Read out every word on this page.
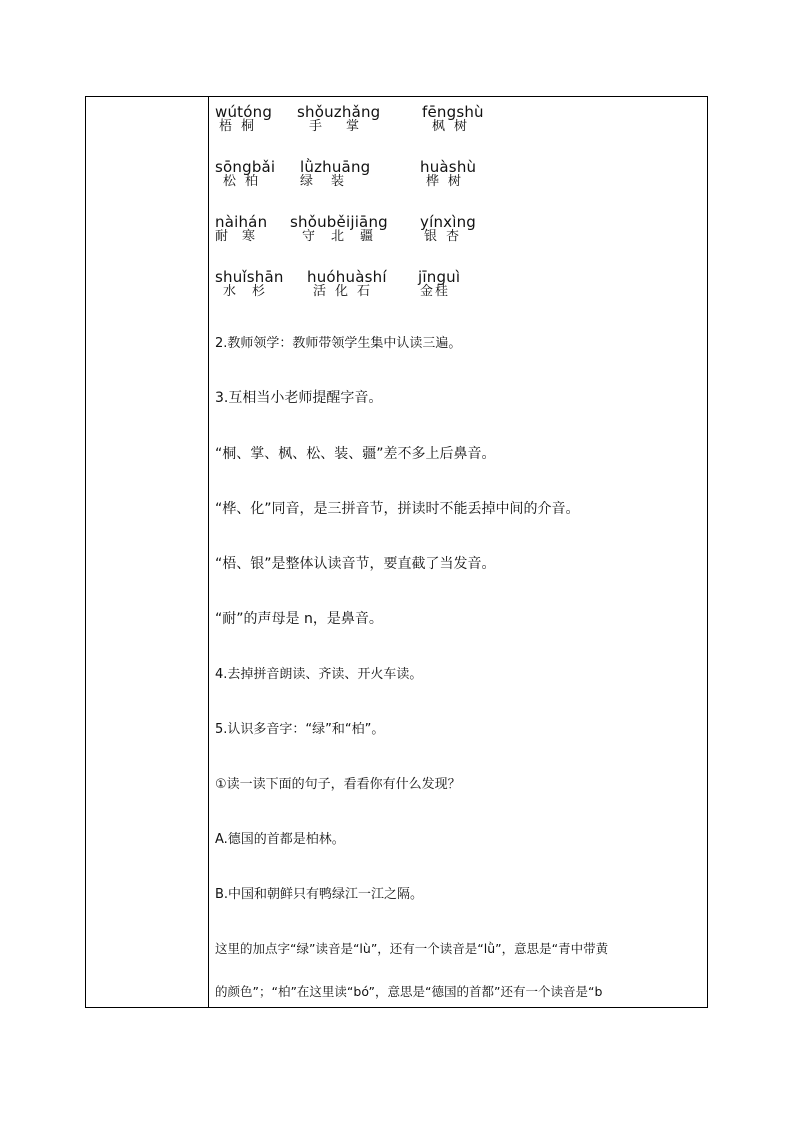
wútóng
梧桐
shǒuzhǎng
手掌
fēngshù
枫树
sōngbǎi
松柏
lǜzhuāng
绿装
huàshù
桦树
nàihán
耐寒
shǒuběijiāng
守北疆
yínxìng
银杏
shuǐshān
水杉
huóhuàshí
活化石
jīnguì
金桂
2.教师领学：教师带领学生集中认读三遍。
3.互相当小老师提醒字音。
“桐、掌、枫、松、装、疆”差不多上后鼻音。
“桦、化”同音，是三拼音节，拼读时不能丢掉中间的介音。
“梧、银”是整体认读音节，要直截了当发音。
“耐”的声母是 n，是鼻音。
4.去掉拼音朗读、齐读、开火车读。
5.认识多音字：“绿”和“柏”。
①读一读下面的句子，看看你有什么发现？
A.德国的首都是柏林。
B.中国和朝鲜只有鸭绿江一江之隔。
这里的加点字“绿”读音是“lù”，还有一个读音是“lǜ”，意思是“青中带黄
的颜色”；“柏”在这里读“bó”，意思是“德国的首都”还有一个读音是“b
